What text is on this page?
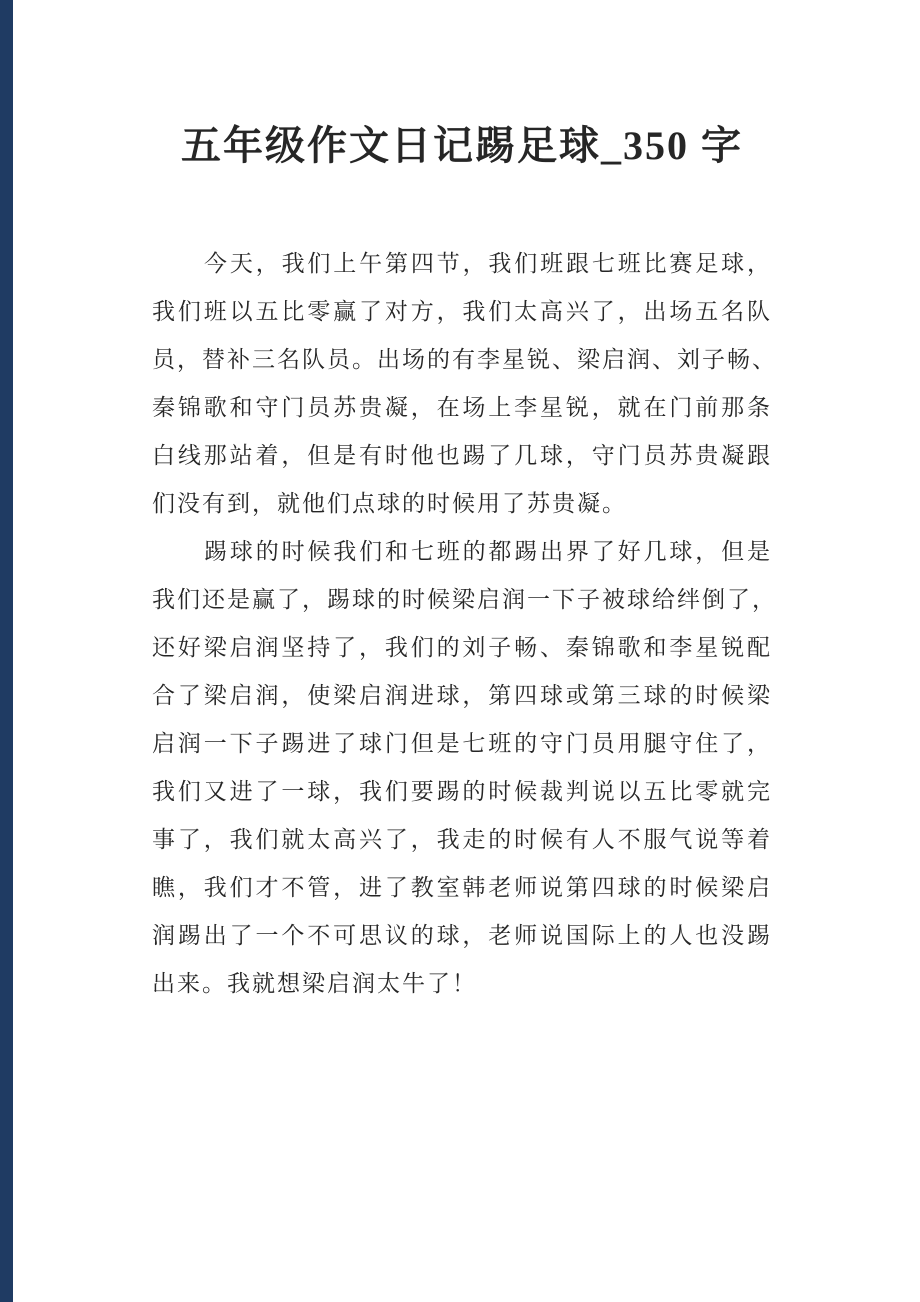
五年级作文日记踢足球_350 字
今天，我们上午第四节，我们班跟七班比赛足球，
我们班以五比零赢了对方，我们太高兴了，出场五名队
员，替补三名队员。出场的有李星锐、梁启润、刘子畅、
秦锦歌和守门员苏贵凝，在场上李星锐，就在门前那条
白线那站着，但是有时他也踢了几球，守门员苏贵凝跟
们没有到，就他们点球的时候用了苏贵凝。
踢球的时候我们和七班的都踢出界了好几球，但是
我们还是赢了，踢球的时候梁启润一下子被球给绊倒了，
还好梁启润坚持了，我们的刘子畅、秦锦歌和李星锐配
合了梁启润，使梁启润进球，第四球或第三球的时候梁
启润一下子踢进了球门但是七班的守门员用腿守住了，
我们又进了一球，我们要踢的时候裁判说以五比零就完
事了，我们就太高兴了，我走的时候有人不服气说等着
瞧，我们才不管，进了教室韩老师说第四球的时候梁启
润踢出了一个不可思议的球，老师说国际上的人也没踢
出来。我就想梁启润太牛了！
